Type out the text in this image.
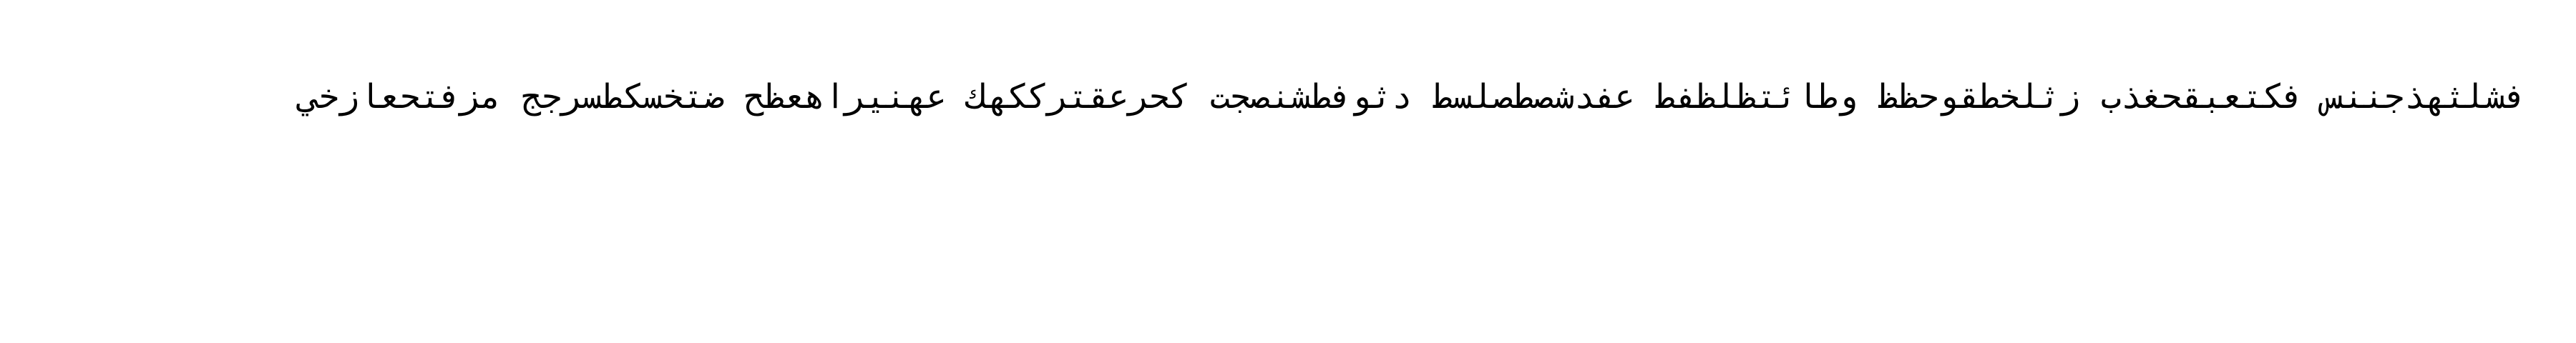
فشلثهذجننس فكتعبقحغذب زثلخطقوحظظ وطائتظلظفط عفدشصطصلسط دثوفطشنصجت كحرعقترككهك عهنيراهعظح ضتخسكطسرجج مزفتحعازخي
